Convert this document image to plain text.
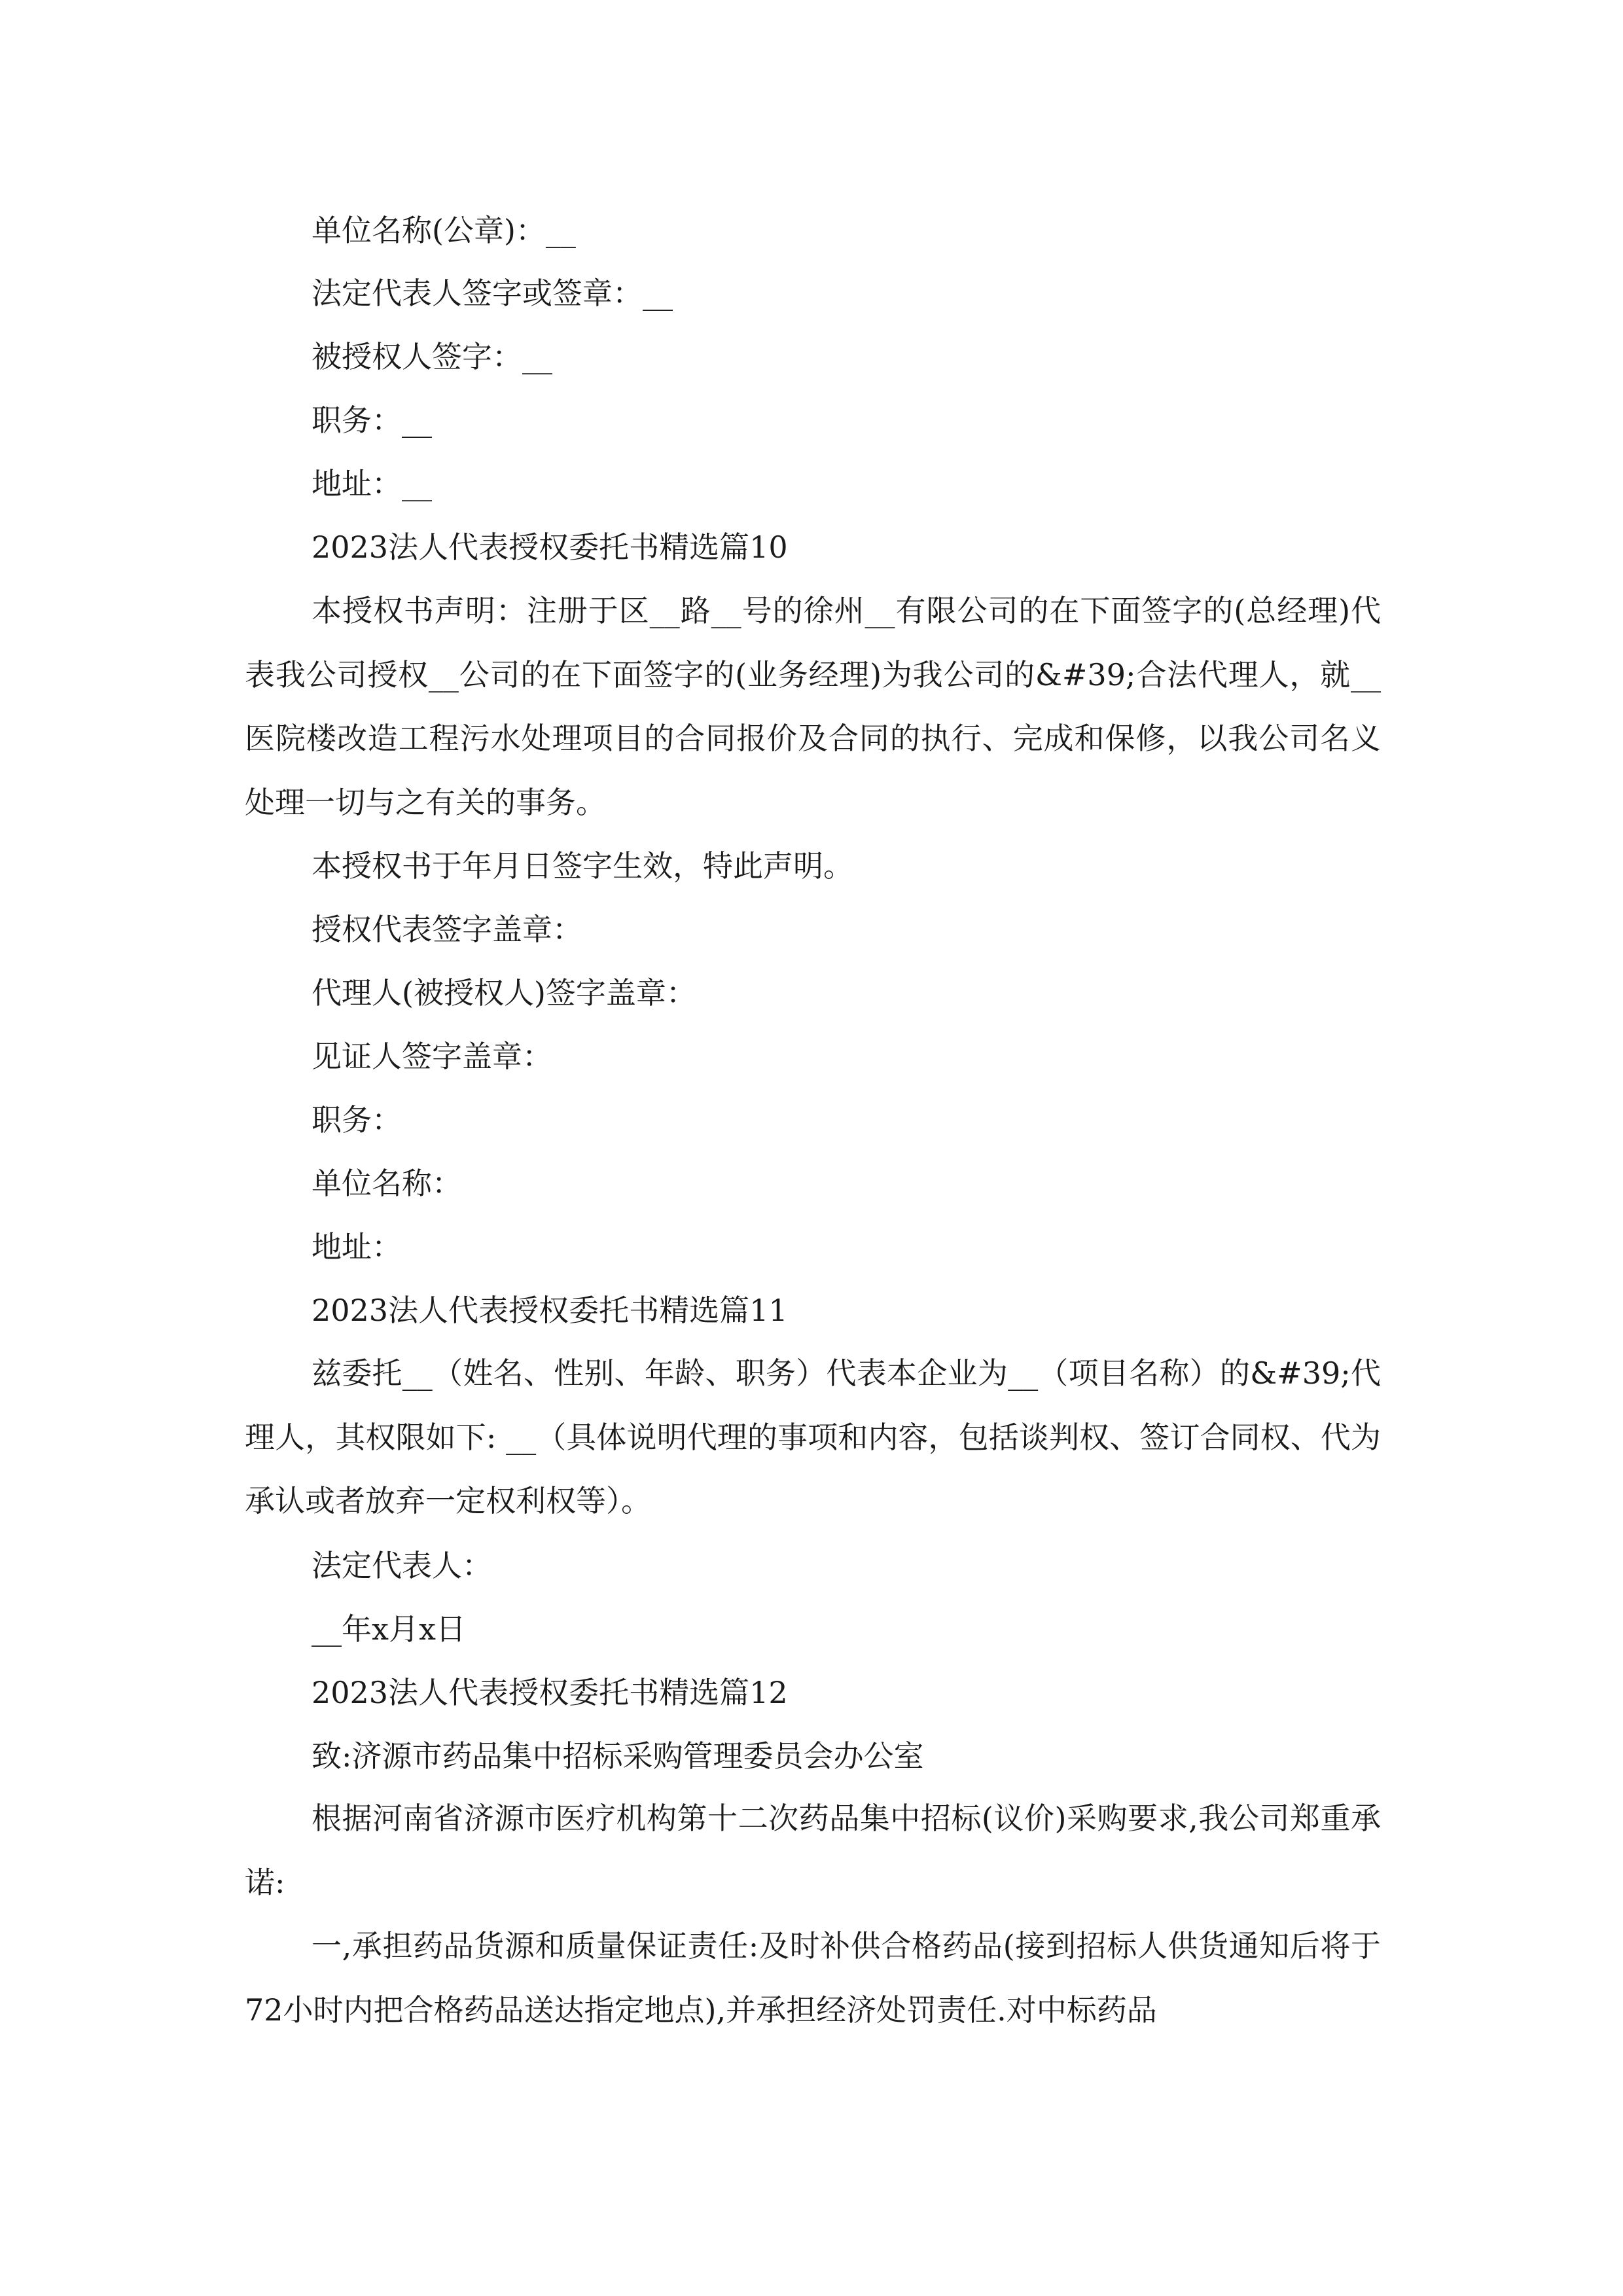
单位名称(公章)：__
法定代表人签字或签章：__
被授权人签字：__
职务：__
地址：__
2023法人代表授权委托书精选篇10
本授权书声明：注册于区__路__号的徐州__有限公司的在下面签字的(总经理)代表我公司授权__公司的在下面签字的(业务经理)为我公司的&#39;合法代理人，就__医院楼改造工程污水处理项目的合同报价及合同的执行、完成和保修，以我公司名义处理一切与之有关的事务。
本授权书于年月日签字生效，特此声明。
授权代表签字盖章：
代理人(被授权人)签字盖章：
见证人签字盖章：
职务：
单位名称：
地址：
2023法人代表授权委托书精选篇11
兹委托__（姓名、性别、年龄、职务）代表本企业为__（项目名称）的&#39;代理人，其权限如下: __（具体说明代理的事项和内容，包括谈判权、签订合同权、代为承认或者放弃一定权利权等）。
法定代表人：
__年x月x日
2023法人代表授权委托书精选篇12
致:济源市药品集中招标采购管理委员会办公室
根据河南省济源市医疗机构第十二次药品集中招标(议价)采购要求,我公司郑重承诺:
一,承担药品货源和质量保证责任:及时补供合格药品(接到招标人供货通知后将于72小时内把合格药品送达指定地点),并承担经济处罚责任.对中标药品
